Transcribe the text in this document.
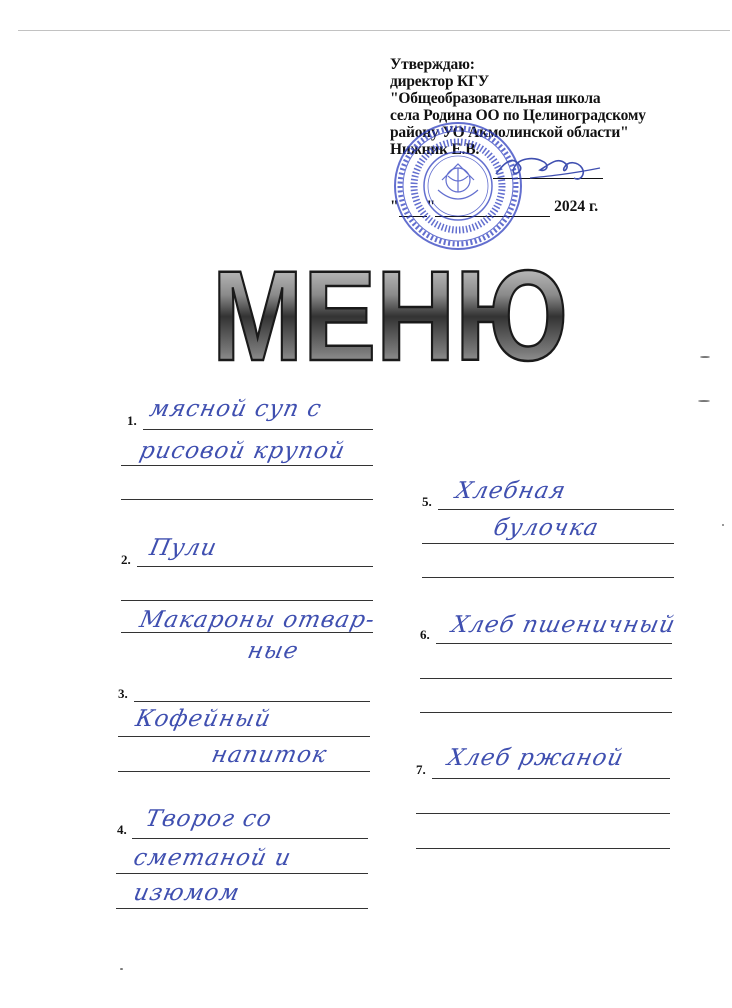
Утверждаю:
директор КГУ
"Общеобразовательная школа
села Родина ОО по Целиноградскому
району УО Акмолинской области"
Нижник Е.В.
" "	2024 г.
МЕНЮ
1. мясной суп с
рисовой крупой
2. Пули
Макароны отвар-
ные
3.
Кофейный
напиток
4. Творог со
сметаной и
изюмом
5. Хлебная
булочка
6. Хлеб пшеничный
7. Хлеб ржаной
